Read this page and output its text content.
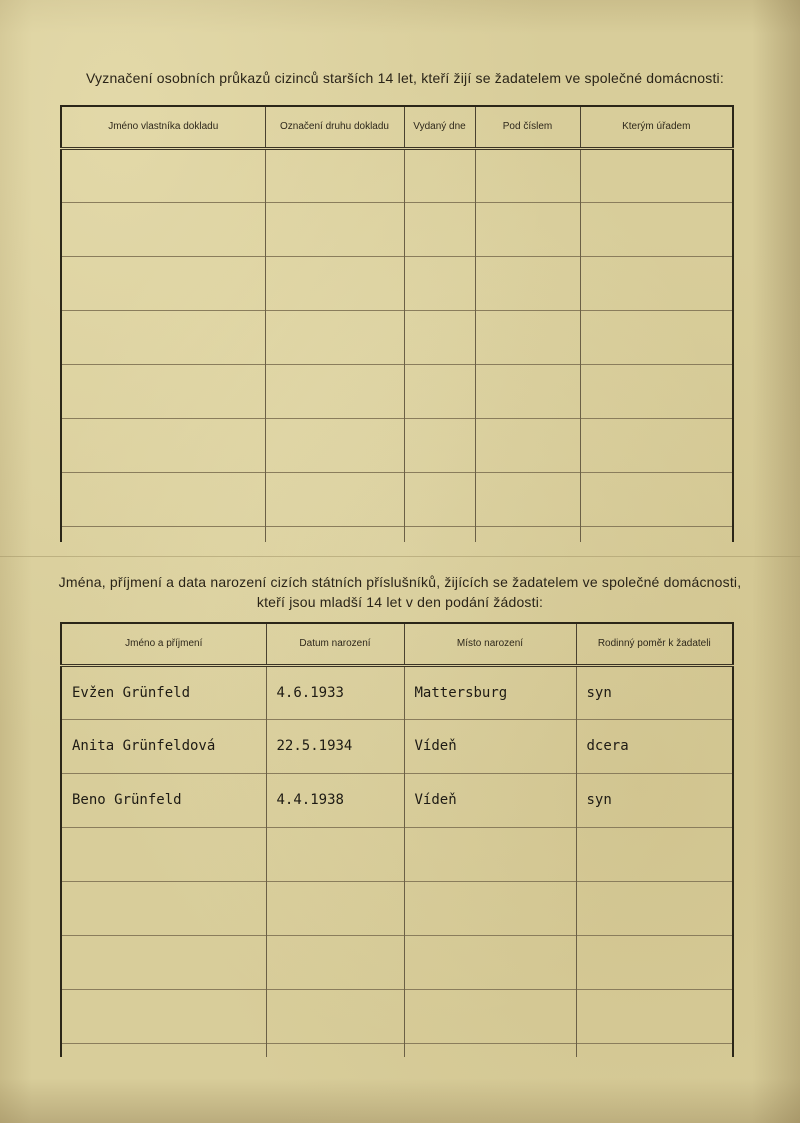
Vyznačení osobních průkazů cizinců starších 14 let, kteří žijí se žadatelem ve společné domácnosti:
Jméno vlastníka dokladu	Označení druhu dokladu	Vydaný dne	Pod číslem	Kterým úřadem

Jména, příjmení a data narození cizích státních příslušníků, žijících se žadatelem ve společné domácnosti, kteří jsou mladší 14 let v den podání žádosti:
Jméno a příjmení	Datum narození	Místo narození	Rodinný poměr k žadateli
Evžen Grünfeld	4.6.1933	Mattersburg	syn
Anita Grünfeldová	22.5.1934	Vídeň	dcera
Beno Grünfeld	4.4.1938	Vídeň	syn
